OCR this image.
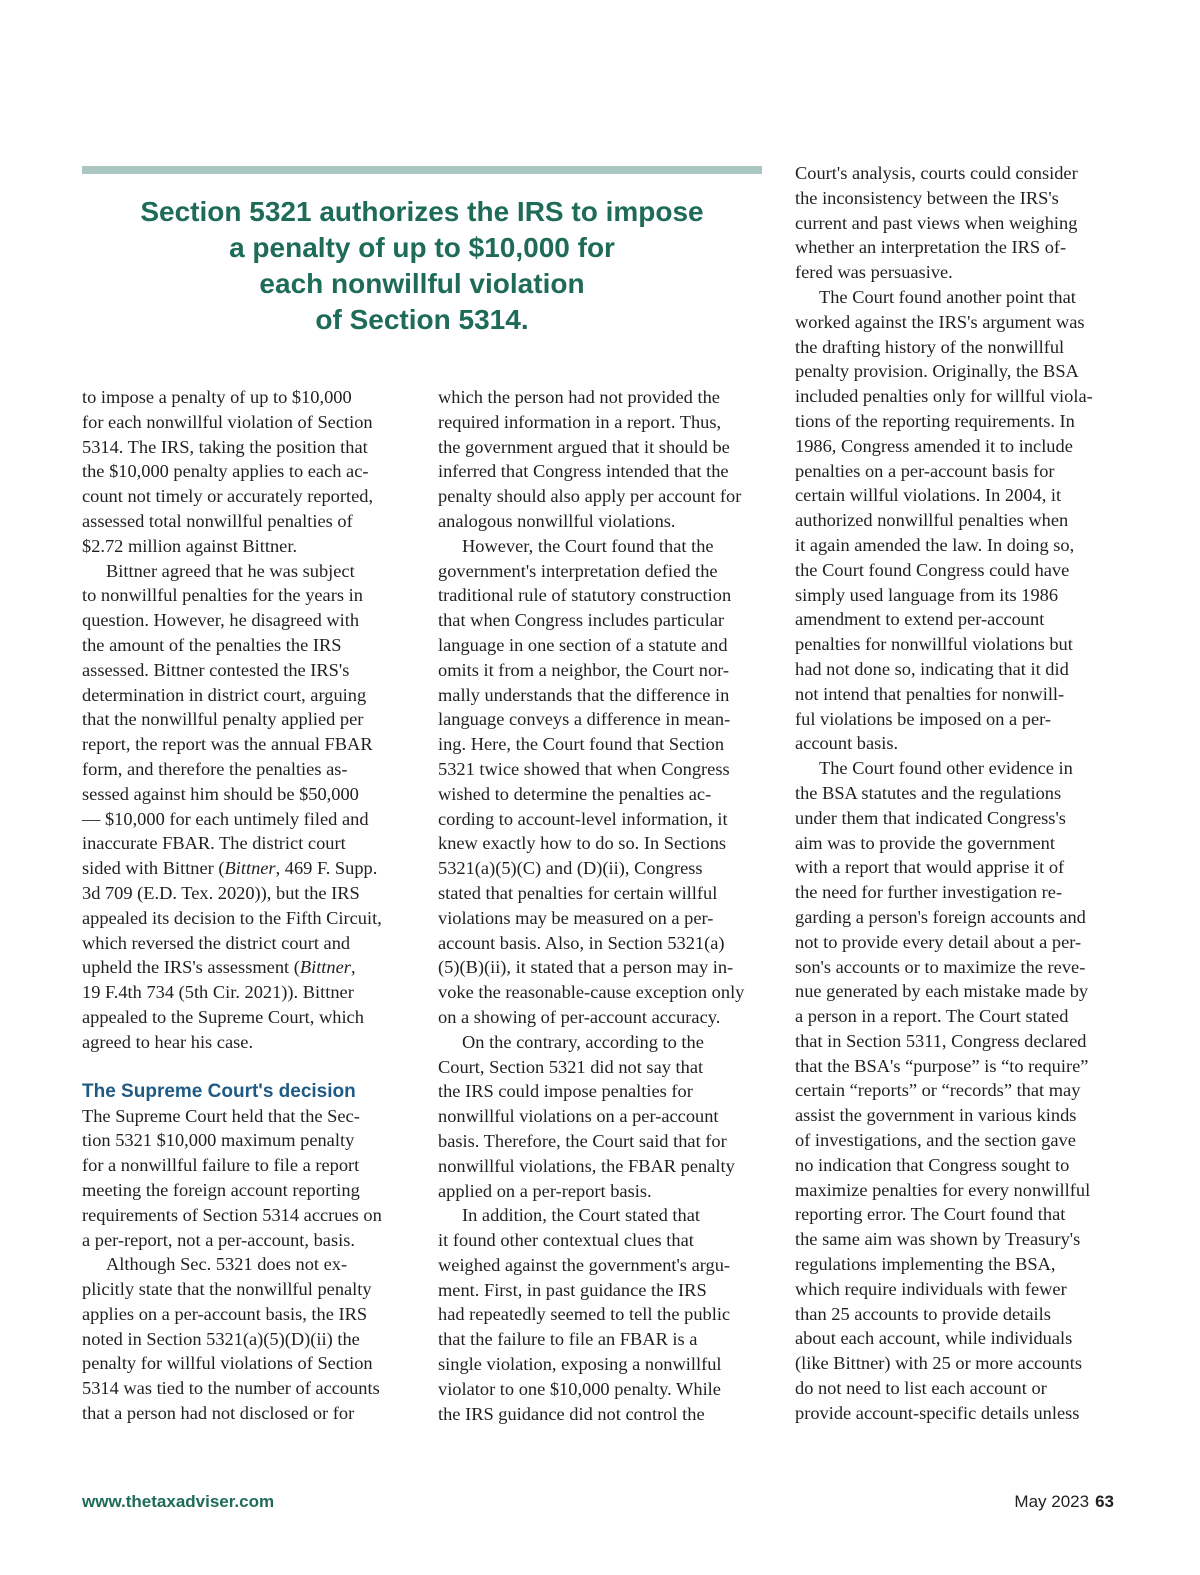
Section 5321 authorizes the IRS to impose
a penalty of up to $10,000 for
each nonwillful violation
of Section 5314.
to impose a penalty of up to $10,000
for each nonwillful violation of Section
5314. The IRS, taking the position that
the $10,000 penalty applies to each ac-
count not timely or accurately reported,
assessed total nonwillful penalties of
$2.72 million against Bittner.
Bittner agreed that he was subject
to nonwillful penalties for the years in
question. However, he disagreed with
the amount of the penalties the IRS
assessed. Bittner contested the IRS's
determination in district court, arguing
that the nonwillful penalty applied per
report, the report was the annual FBAR
form, and therefore the penalties as-
sessed against him should be $50,000
— $10,000 for each untimely filed and
inaccurate FBAR. The district court
sided with Bittner (Bittner, 469 F. Supp.
3d 709 (E.D. Tex. 2020)), but the IRS
appealed its decision to the Fifth Circuit,
which reversed the district court and
upheld the IRS's assessment (Bittner,
19 F.4th 734 (5th Cir. 2021)). Bittner
appealed to the Supreme Court, which
agreed to hear his case.
The Supreme Court's decision
The Supreme Court held that the Sec-
tion 5321 $10,000 maximum penalty
for a nonwillful failure to file a report
meeting the foreign account reporting
requirements of Section 5314 accrues on
a per-report, not a per-account, basis.
Although Sec. 5321 does not ex-
plicitly state that the nonwillful penalty
applies on a per-account basis, the IRS
noted in Section 5321(a)(5)(D)(ii) the
penalty for willful violations of Section
5314 was tied to the number of accounts
that a person had not disclosed or for
which the person had not provided the
required information in a report. Thus,
the government argued that it should be
inferred that Congress intended that the
penalty should also apply per account for
analogous nonwillful violations.
However, the Court found that the
government's interpretation defied the
traditional rule of statutory construction
that when Congress includes particular
language in one section of a statute and
omits it from a neighbor, the Court nor-
mally understands that the difference in
language conveys a difference in mean-
ing. Here, the Court found that Section
5321 twice showed that when Congress
wished to determine the penalties ac-
cording to account-level information, it
knew exactly how to do so. In Sections
5321(a)(5)(C) and (D)(ii), Congress
stated that penalties for certain willful
violations may be measured on a per-
account basis. Also, in Section 5321(a)
(5)(B)(ii), it stated that a person may in-
voke the reasonable-cause exception only
on a showing of per-account accuracy.
On the contrary, according to the
Court, Section 5321 did not say that
the IRS could impose penalties for
nonwillful violations on a per-account
basis. Therefore, the Court said that for
nonwillful violations, the FBAR penalty
applied on a per-report basis.
In addition, the Court stated that
it found other contextual clues that
weighed against the government's argu-
ment. First, in past guidance the IRS
had repeatedly seemed to tell the public
that the failure to file an FBAR is a
single violation, exposing a nonwillful
violator to one $10,000 penalty. While
the IRS guidance did not control the
Court's analysis, courts could consider
the inconsistency between the IRS's
current and past views when weighing
whether an interpretation the IRS of-
fered was persuasive.
The Court found another point that
worked against the IRS's argument was
the drafting history of the nonwillful
penalty provision. Originally, the BSA
included penalties only for willful viola-
tions of the reporting requirements. In
1986, Congress amended it to include
penalties on a per-account basis for
certain willful violations. In 2004, it
authorized nonwillful penalties when
it again amended the law. In doing so,
the Court found Congress could have
simply used language from its 1986
amendment to extend per-account
penalties for nonwillful violations but
had not done so, indicating that it did
not intend that penalties for nonwill-
ful violations be imposed on a per-
account basis.
The Court found other evidence in
the BSA statutes and the regulations
under them that indicated Congress's
aim was to provide the government
with a report that would apprise it of
the need for further investigation re-
garding a person's foreign accounts and
not to provide every detail about a per-
son's accounts or to maximize the reve-
nue generated by each mistake made by
a person in a report. The Court stated
that in Section 5311, Congress declared
that the BSA's “purpose” is “to require”
certain “reports” or “records” that may
assist the government in various kinds
of investigations, and the section gave
no indication that Congress sought to
maximize penalties for every nonwillful
reporting error. The Court found that
the same aim was shown by Treasury's
regulations implementing the BSA,
which require individuals with fewer
than 25 accounts to provide details
about each account, while individuals
(like Bittner) with 25 or more accounts
do not need to list each account or
provide account-specific details unless
www.thetaxadviser.com	May 2023 63
